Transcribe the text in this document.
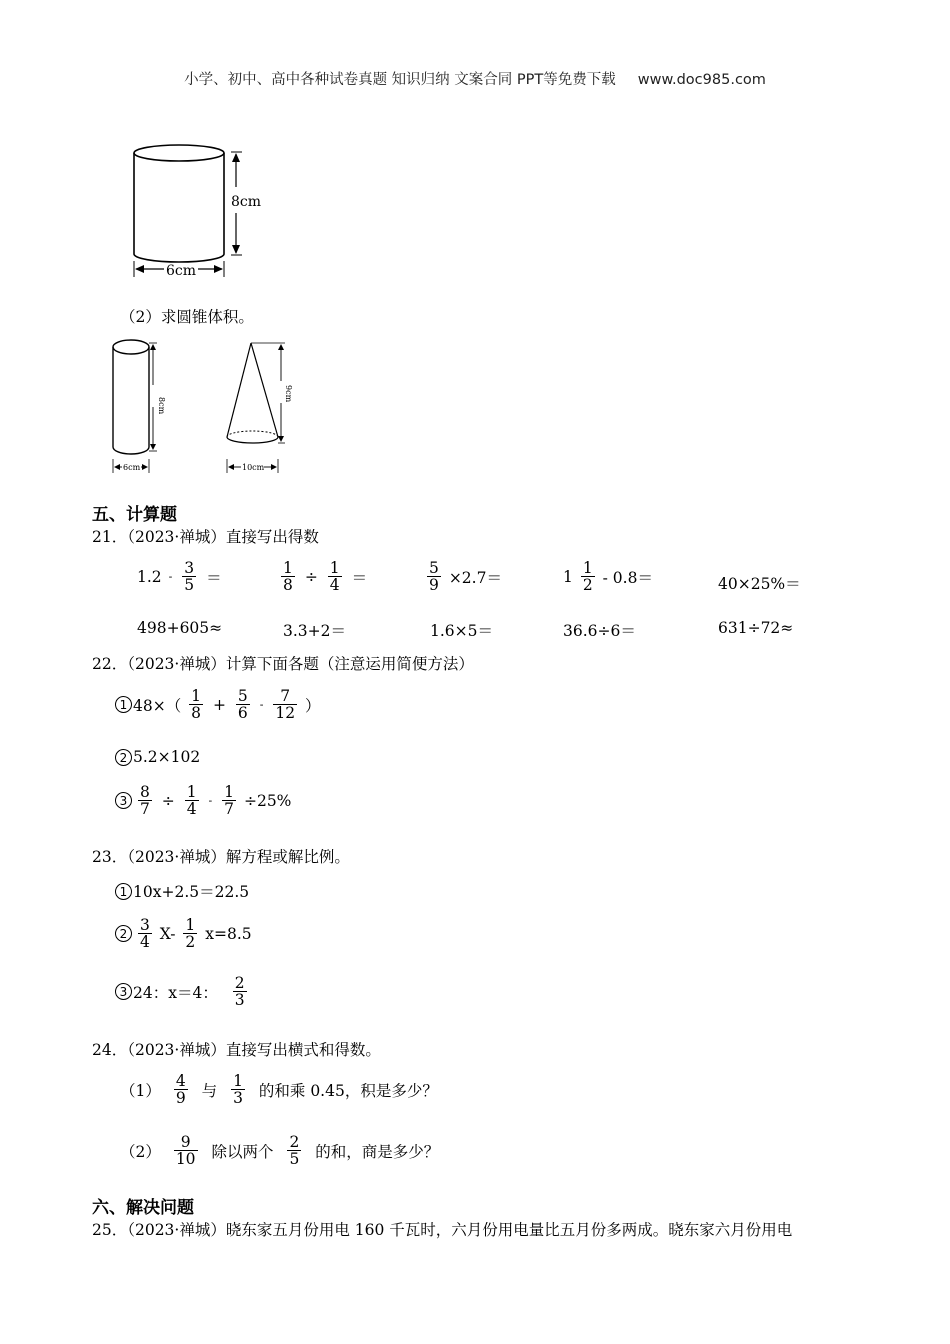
小学、初中、高中各种试卷真题 知识归纳 文案合同 PPT等免费下载 www.doc985.com
8cm
6cm
（2）求圆锥体积。
8cm
6cm
9cm
10cm
五、计算题
21．（2023·禅城）直接写出得数
$1.2 - \frac{3}{5}$ ＝	$\frac{1}{8} \div \frac{1}{4}$ ＝	$\frac{5}{9} \times 2.7=$	$1 \frac{1}{2} - 0.8=$	40×25%＝
498+605≈	3.3+2＝	1.6×5＝	36.6÷6＝	631÷72≈
22．（2023·禅城）计算下面各题（注意运用简便方法）
1 $48\times( \frac{1}{8} + \frac{5}{6} - \frac{7}{12}$ ）
2 5.2×102
$3 \frac{8}{7} \div \frac{1}{4} - \frac{1}{7} \div 25\%$
23．（2023·禅城）解方程或解比例。
1 10x+2.5＝22.5
$2 \frac{3}{4} X- \frac{1}{2} x=8.5$
3 24：x＝4： $\frac{2}{3}$
24．（2023·禅城）直接写出横式和得数。
$(1) \frac{4}{9}$ 与 $\frac{1}{3}$ 的和乘 0.45，积是多少？
$(2) \frac{9}{10}$ 除以两个 $\frac{2}{5}$ 的和，商是多少？
六、解决问题
25．（2023·禅城）晓东家五月份用电 160 千瓦时，六月份用电量比五月份多两成。晓东家六月份用电
